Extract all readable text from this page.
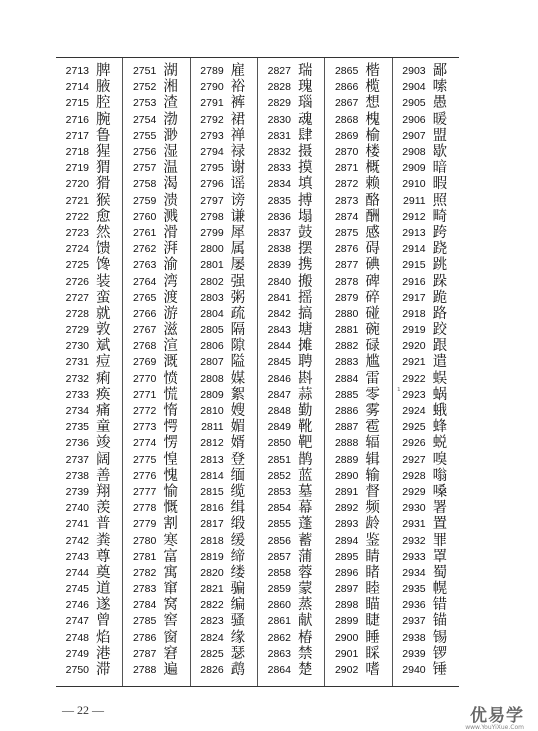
2713 脾
2714 腋
2715 腔
2716 腕
2717 鲁
2718 猩
2719 猬
2720 猾
2721 猴
2722 愈
2723 然
2724 馈
2725 馋
2726 装
2727 蛮
2728 就
2729 敦
2730 斌
2731 痘
2732 痢
2733 痪
2734 痛
2735 童
2736 竣
2737 阔
2738 善
2739 翔
2740 羡
2741 普
2742 粪
2743 尊
2744 奠
2745 道
2746 遂
2747 曾
2748 焰
2749 港
2750 滞
2751 湖
2752 湘
2753 渣
2754 渤
2755 渺
2756 湿
2757 温
2758 渴
2759 溃
2760 溅
2761 滑
2762 湃
2763 渝
2764 湾
2765 渡
2766 游
2767 滋
2768 渲
2769 溉
2770 愤
2771 慌
2772 惰
2773 愕
2774 愣
2775 惶
2776 愧
2777 愉
2778 慨
2779 割
2780 寒
2781 富
2782 寓
2783 窜
2784 窝
2785 窖
2786 窗
2787 窘
2788 遍
2789 雇
2790 裕
2791 裤
2792 裙
2793 禅
2794 禄
2795 谢
2796 谣
2797 谤
2798 谦
2799 犀
2800 属
2801 屡
2802 强
2803 粥
2804 疏
2805 隔
2806 隙
2807 隘
2808 媒
2809 絮
2810 嫂
2811 媚
2812 婿
2813 登
2814 缅
2815 缆
2816 缉
2817 缎
2818 缓
2819 缔
2820 缕
2821 骗
2822 编
2823 骚
2824 缘
2825 瑟
2826 鹉
2827 瑞
2828 瑰
2829 瑙
2830 魂
2831 肆
2832 摄
2833 摸
2834 填
2835 搏
2836 塌
2837 鼓
2838 摆
2839 携
2840 搬
2841 摇
2842 搞
2843 塘
2844 摊
2845 聘
2846 斟
2847 蒜
2848 勤
2849 靴
2850 靶
2851 鹊
2852 蓝
2853 墓
2854 幕
2855 蓬
2856 蓄
2857 蒲
2858 蓉
2859 蒙
2860 蒸
2861 献
2862 椿
2863 禁
2864 楚
2865 楷
2866 榄
2867 想
2868 槐
2869 榆
2870 楼
2871 概
2872 赖
2873 酪
2874 酬
2875 感
2876 碍
2877 碘
2878 碑
2879 碎
2880 碰
2881 碗
2882 碌
2883 尴
2884 雷
2885 零
2886 雾
2887 雹
2888 辐
2889 辑
2890 输
2891 督
2892 频
2893 龄
2894 鉴
2895 睛
2896 睹
2897 睦
2898 瞄
2899 睫
2900 睡
2901 睬
2902 嗜
2903 鄙
2904 嗦
2905 愚
2906 暖
2907 盟
2908 歇
2909 暗
2910 暇
2911 照
2912 畸
2913 跨
2914 跷
2915 跳
2916 跺
2917 跪
2918 路
2919 跤
2920 跟
2921 遣
2922 蜈
2923 蜗
2924 蛾
2925 蜂
2926 蜕
2927 嗅
2928 嗡
2929 嗓
2930 署
2931 置
2932 罪
2933 罩
2934 蜀
2935 幌
2936 错
2937 锚
2938 锡
2939 锣
2940 锤
¹
— 22 —	优易学
www.YouYiXue.Com
